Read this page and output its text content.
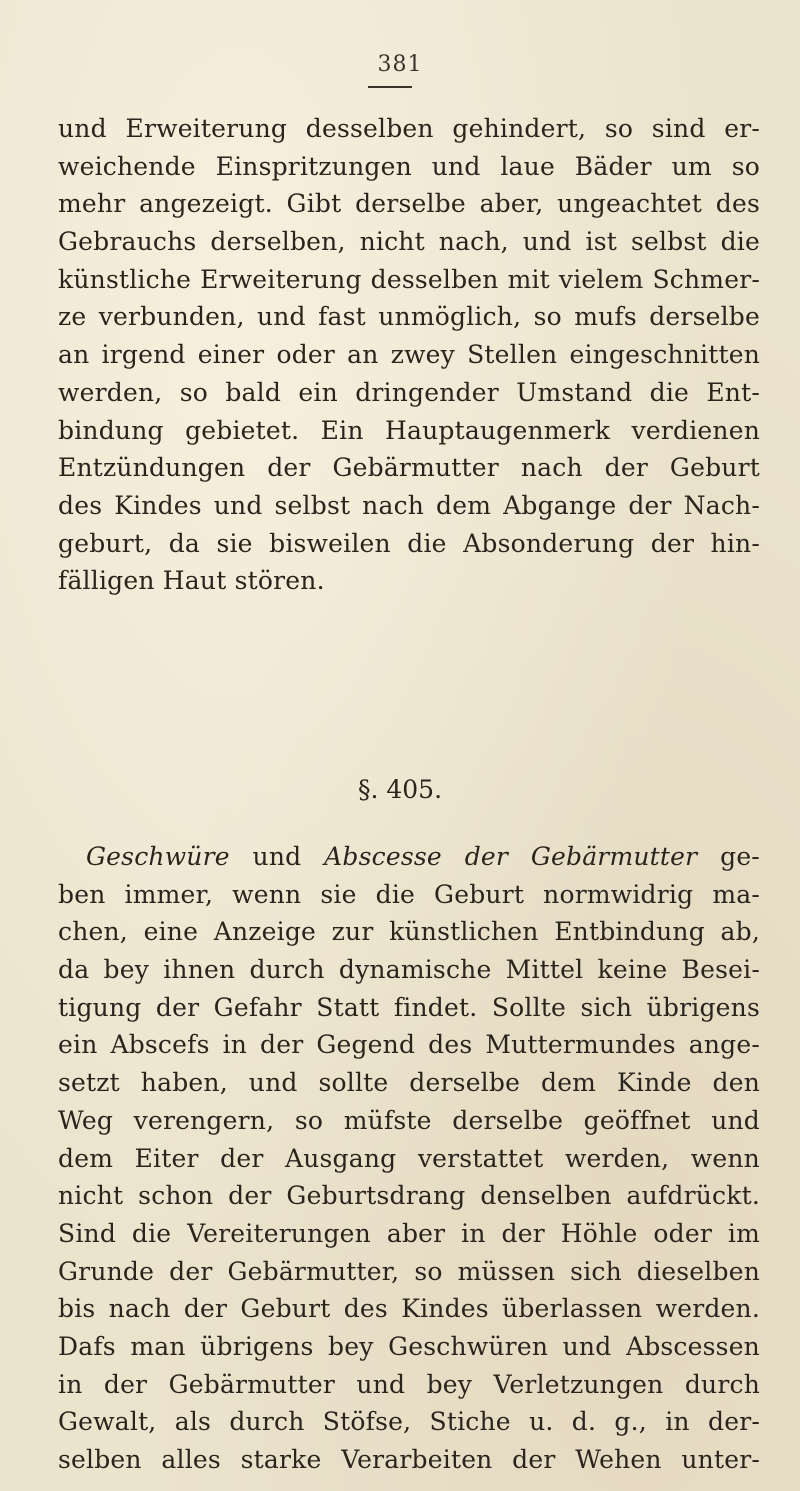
381
und Erweiterung desselben gehindert, so sind er-
weichende Einspritzungen und laue Bäder um so
mehr angezeigt. Gibt derselbe aber, ungeachtet des
Gebrauchs derselben, nicht nach, und ist selbst die
künstliche Erweiterung desselben mit vielem Schmer-
ze verbunden, und fast unmöglich, so mufs derselbe
an irgend einer oder an zwey Stellen eingeschnitten
werden, so bald ein dringender Umstand die Ent-
bindung gebietet. Ein Hauptaugenmerk verdienen
Entzündungen der Gebärmutter nach der Geburt
des Kindes und selbst nach dem Abgange der Nach-
geburt, da sie bisweilen die Absonderung der hin-
fälligen Haut stören.
§. 405.
Geschwüre und Abscesse der Gebärmutter ge-
ben immer, wenn sie die Geburt normwidrig ma-
chen, eine Anzeige zur künstlichen Entbindung ab,
da bey ihnen durch dynamische Mittel keine Besei-
tigung der Gefahr Statt findet. Sollte sich übrigens
ein Abscefs in der Gegend des Muttermundes ange-
setzt haben, und sollte derselbe dem Kinde den
Weg verengern, so müfste derselbe geöffnet und
dem Eiter der Ausgang verstattet werden, wenn
nicht schon der Geburtsdrang denselben aufdrückt.
Sind die Vereiterungen aber in der Höhle oder im
Grunde der Gebärmutter, so müssen sich dieselben
bis nach der Geburt des Kindes überlassen werden.
Dafs man übrigens bey Geschwüren und Abscessen
in der Gebärmutter und bey Verletzungen durch
Gewalt, als durch Stöfse, Stiche u. d. g., in der-
selben alles starke Verarbeiten der Wehen unter-
